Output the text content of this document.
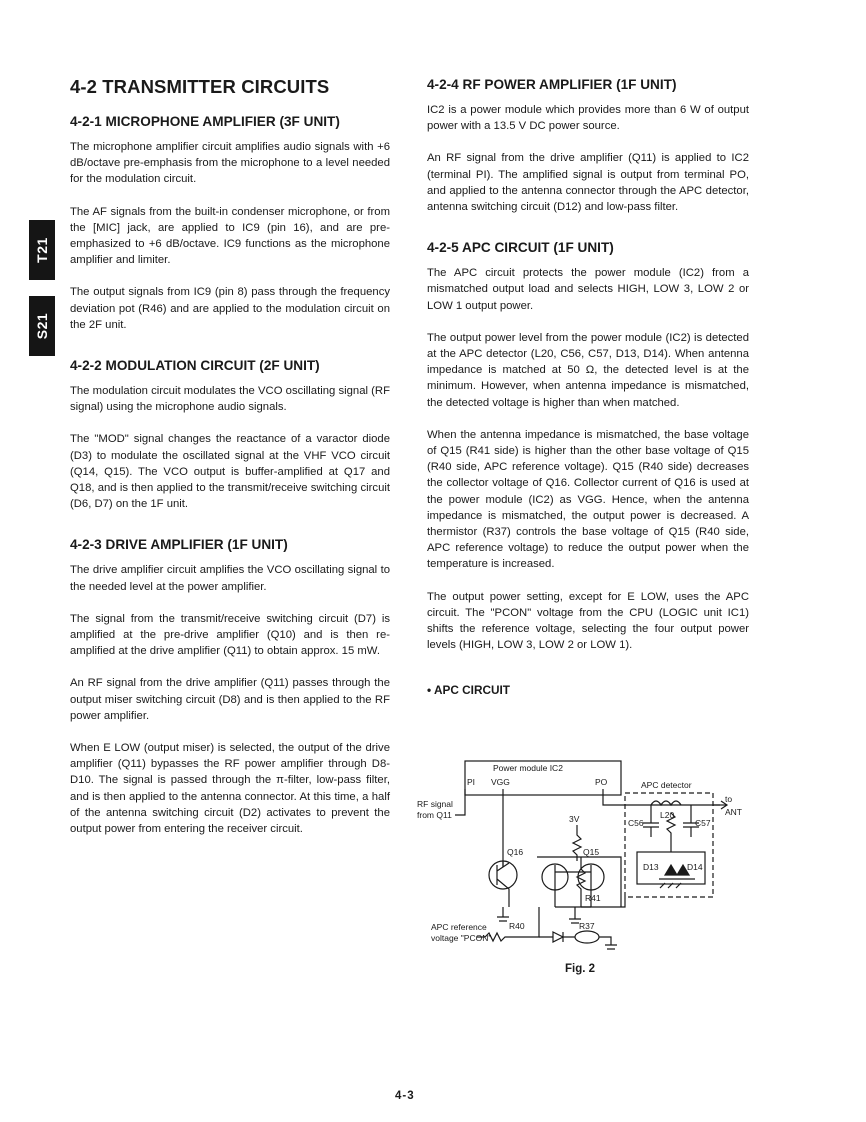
T21
S21
4-2 TRANSMITTER CIRCUITS
4-2-1 MICROPHONE AMPLIFIER (3F UNIT)

The microphone amplifier circuit amplifies audio signals with +6 dB/octave pre-emphasis from the microphone to a level needed for the modulation circuit.

The AF signals from the built-in condenser microphone, or from the [MIC] jack, are applied to IC9 (pin 16), and are pre-emphasized to +6 dB/octave. IC9 functions as the microphone amplifier and limiter.

The output signals from IC9 (pin 8) pass through the frequency deviation pot (R46) and are applied to the modulation circuit on the 2F unit.

4-2-2 MODULATION CIRCUIT (2F UNIT)

The modulation circuit modulates the VCO oscillating signal (RF signal) using the microphone audio signals.

The "MOD" signal changes the reactance of a varactor diode (D3) to modulate the oscillated signal at the VHF VCO circuit (Q14, Q15). The VCO output is buffer-amplified at Q17 and Q18, and is then applied to the transmit/receive switching circuit (D6, D7) on the 1F unit.

4-2-3 DRIVE AMPLIFIER (1F UNIT)

The drive amplifier circuit amplifies the VCO oscillating signal to the needed level at the power amplifier.

The signal from the transmit/receive switching circuit (D7) is amplified at the pre-drive amplifier (Q10) and is then re-amplified at the drive amplifier (Q11) to obtain approx. 15 mW.

An RF signal from the drive amplifier (Q11) passes through the output miser switching circuit (D8) and is then applied to the RF power amplifier.

When E LOW (output miser) is selected, the output of the drive amplifier (Q11) bypasses the RF power amplifier through D8-D10. The signal is passed through the π-filter, low-pass filter, and is then applied to the antenna connector. At this time, a half of the antenna switching circuit (D2) activates to prevent the output power from entering the receiver circuit.

4-2-4 RF POWER AMPLIFIER (1F UNIT)

IC2 is a power module which provides more than 6 W of output power with a 13.5 V DC power source.

An RF signal from the drive amplifier (Q11) is applied to IC2 (terminal PI). The amplified signal is output from terminal PO, and applied to the antenna connector through the APC detector, antenna switching circuit (D12) and low-pass filter.

4-2-5 APC CIRCUIT (1F UNIT)

The APC circuit protects the power module (IC2) from a mismatched output load and selects HIGH, LOW 3, LOW 2 or LOW 1 output power.

The output power level from the power module (IC2) is detected at the APC detector (L20, C56, C57, D13, D14). When antenna impedance is matched at 50 Ω, the detected level is at the minimum. However, when antenna impedance is mismatched, the detected voltage is higher than when matched.

When the antenna impedance is mismatched, the base voltage of Q15 (R41 side) is higher than the other base voltage of Q15 (R40 side, APC reference voltage). Q15 (R40 side) decreases the collector voltage of Q16. Collector current of Q16 is used at the power module (IC2) as VGG. Hence, when the antenna impedance is mismatched, the output power is decreased. A thermistor (R37) controls the base voltage of Q15 (R40 side, APC reference voltage) to reduce the output power when the temperature is increased.

The output power setting, except for E LOW, uses the APC circuit. The "PCON" voltage from the CPU (LOGIC unit IC1) shifts the reference voltage, selecting the four output power levels (HIGH, LOW 3, LOW 2 or LOW 1).

• APC CIRCUIT
Power module IC2
PI VGG	PO
RF signal
from Q11
APC detector
to
ANT
L20
C56	C57
3V
Q16	Q15
D13	D14
R41
R40	R37
APC reference
voltage "PCON"
Fig. 2
4-3
